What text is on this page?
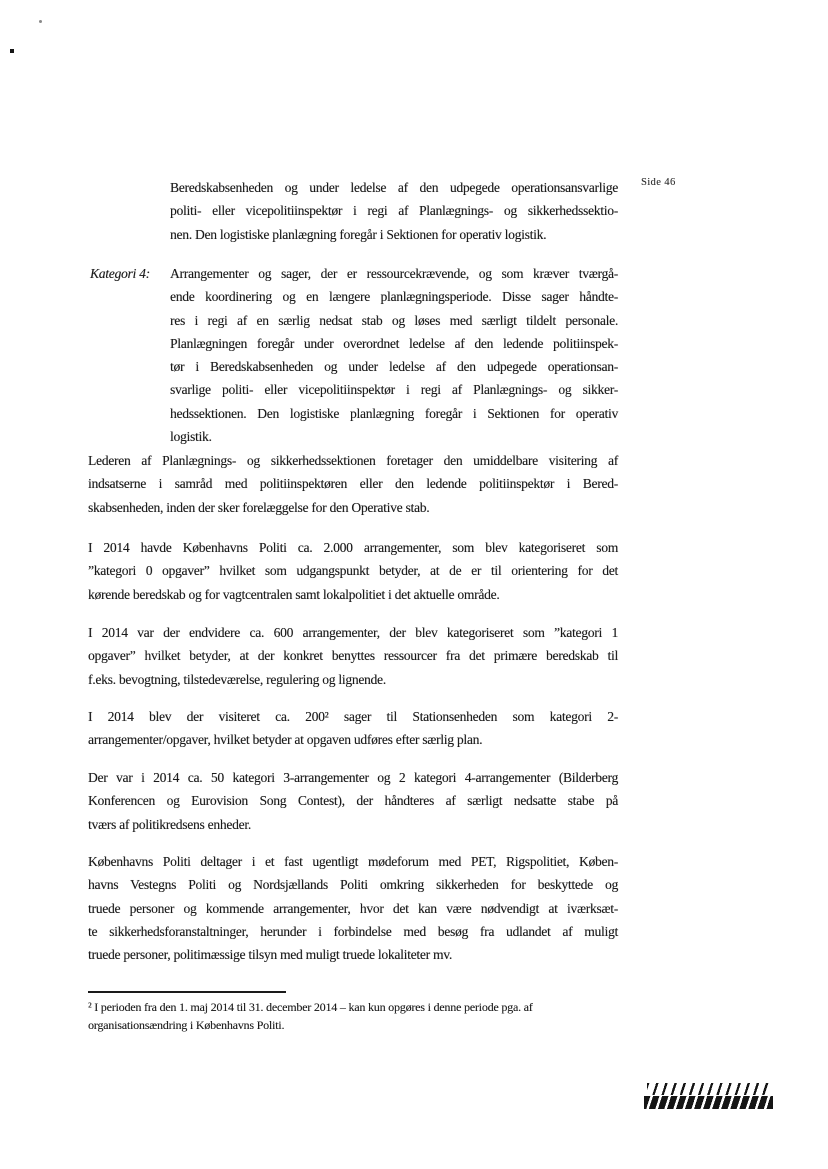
Side 46
Beredskabsenheden og under ledelse af den udpegede operationsansvarlige
politi- eller vicepolitiinspektør i regi af Planlægnings- og sikkerhedssektio-
nen. Den logistiske planlægning foregår i Sektionen for operativ logistik.
Kategori 4: Arrangementer og sager, der er ressourcekrævende, og som kræver tværgå-
ende koordinering og en længere planlægningsperiode. Disse sager håndte-
res i regi af en særlig nedsat stab og løses med særligt tildelt personale.
Planlægningen foregår under overordnet ledelse af den ledende politiinspek-
tør i Beredskabsenheden og under ledelse af den udpegede operationsan-
svarlige politi- eller vicepolitiinspektør i regi af Planlægnings- og sikker-
hedssektionen. Den logistiske planlægning foregår i Sektionen for operativ
logistik.
Lederen af Planlægnings- og sikkerhedssektionen foretager den umiddelbare visitering af
indsatserne i samråd med politiinspektøren eller den ledende politiinspektør i Bered-
skabsenheden, inden der sker forelæggelse for den Operative stab.
I 2014 havde Københavns Politi ca. 2.000 arrangementer, som blev kategoriseret som
”kategori 0 opgaver” hvilket som udgangspunkt betyder, at de er til orientering for det
kørende beredskab og for vagtcentralen samt lokalpolitiet i det aktuelle område.
I 2014 var der endvidere ca. 600 arrangementer, der blev kategoriseret som ”kategori 1
opgaver” hvilket betyder, at der konkret benyttes ressourcer fra det primære beredskab til
f.eks. bevogtning, tilstedeværelse, regulering og lignende.
I 2014 blev der visiteret ca. 200² sager til Stationsenheden som kategori 2-
arrangementer/opgaver, hvilket betyder at opgaven udføres efter særlig plan.
Der var i 2014 ca. 50 kategori 3-arrangementer og 2 kategori 4-arrangementer (Bilderberg
Konferencen og Eurovision Song Contest), der håndteres af særligt nedsatte stabe på
tværs af politikredsens enheder.
Københavns Politi deltager i et fast ugentligt mødeforum med PET, Rigspolitiet, Køben-
havns Vestegns Politi og Nordsjællands Politi omkring sikkerheden for beskyttede og
truede personer og kommende arrangementer, hvor det kan være nødvendigt at iværksæt-
te sikkerhedsforanstaltninger, herunder i forbindelse med besøg fra udlandet af muligt
truede personer, politimæssige tilsyn med muligt truede lokaliteter mv.
² I perioden fra den 1. maj 2014 til 31. december 2014 – kan kun opgøres i denne periode pga. af
organisationsændring i Københavns Politi.
